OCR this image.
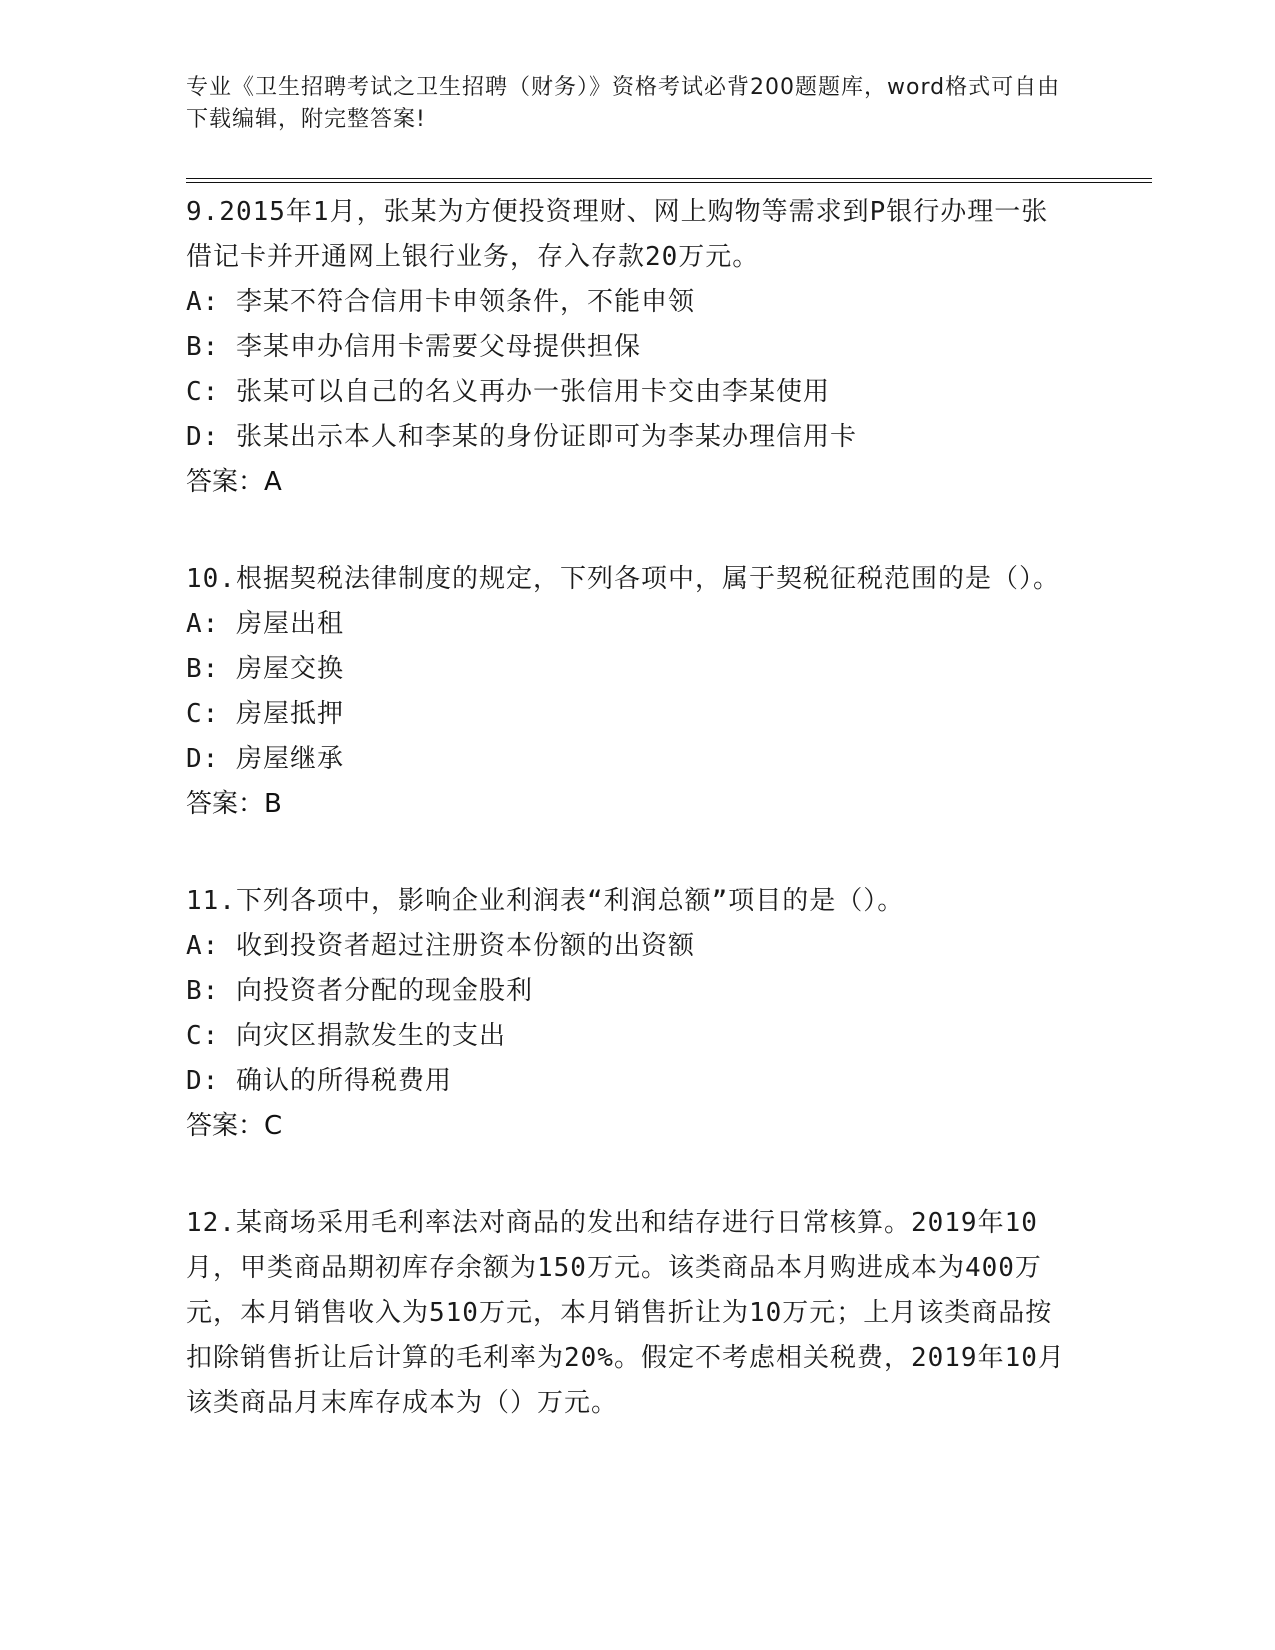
专业《卫生招聘考试之卫生招聘（财务）》资格考试必背200题题库，word格式可自由下载编辑，附完整答案!

9.2015年1月，张某为方便投资理财、网上购物等需求到P银行办理一张借记卡并开通网上银行业务，存入存款20万元。

A: 李某不符合信用卡申领条件，不能申领

B: 李某申办信用卡需要父母提供担保

C: 张某可以自己的名义再办一张信用卡交由李某使用

D: 张某出示本人和李某的身份证即可为李某办理信用卡

答案：A

10.根据契税法律制度的规定，下列各项中，属于契税征税范围的是（）。

A: 房屋出租

B: 房屋交换

C: 房屋抵押

D: 房屋继承

答案：B

11.下列各项中，影响企业利润表“利润总额”项目的是（）。

A: 收到投资者超过注册资本份额的出资额

B: 向投资者分配的现金股利

C: 向灾区捐款发生的支出

D: 确认的所得税费用

答案：C

12.某商场采用毛利率法对商品的发出和结存进行日常核算。2019年10月，甲类商品期初库存余额为150万元。该类商品本月购进成本为400万元，本月销售收入为510万元，本月销售折让为10万元；上月该类商品按扣除销售折让后计算的毛利率为20%。假定不考虑相关税费，2019年10月该类商品月末库存成本为（）万元。
